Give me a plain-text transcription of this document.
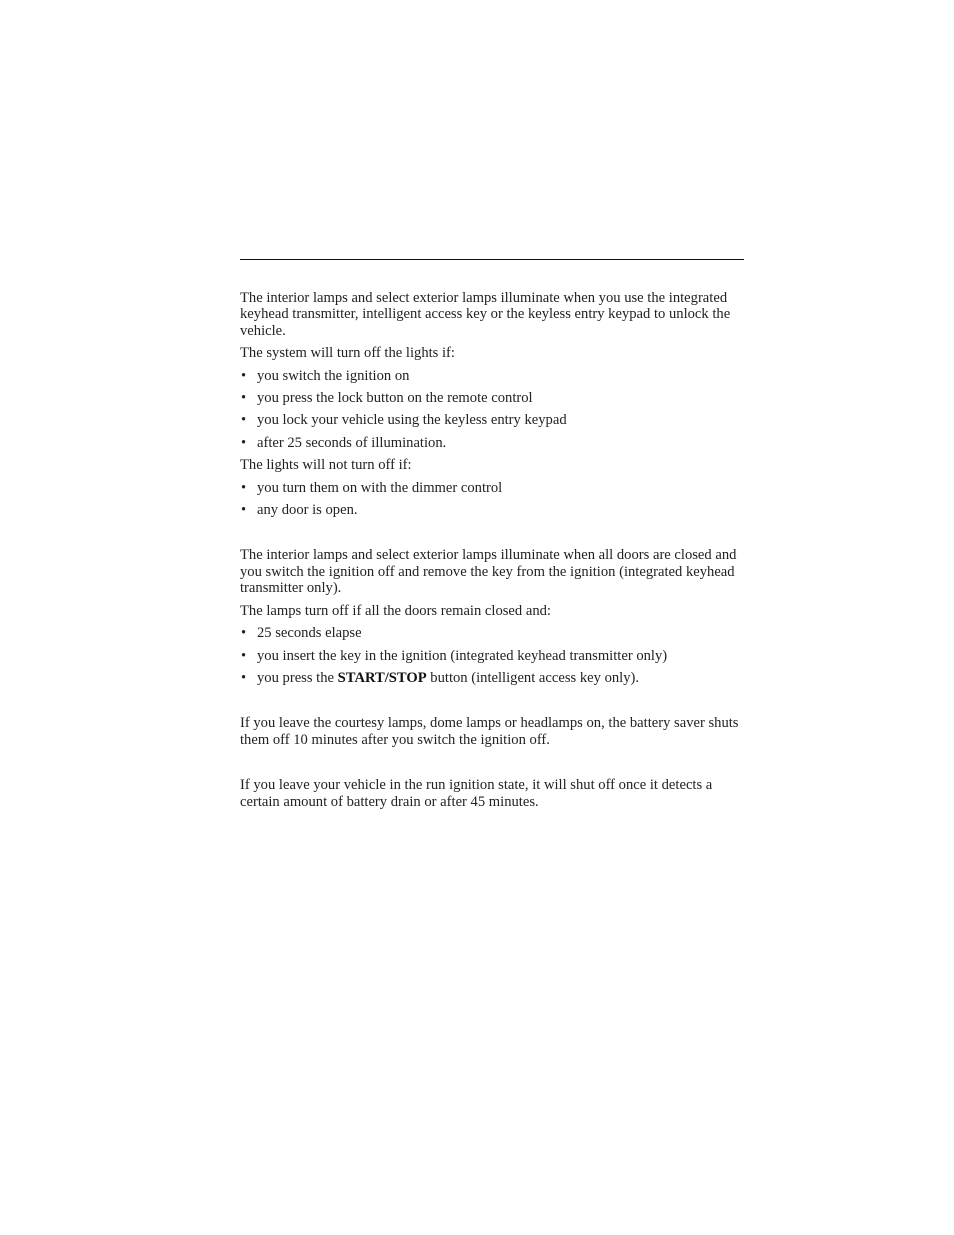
The interior lamps and select exterior lamps illuminate when you use the integrated keyhead transmitter, intelligent access key or the keyless entry keypad to unlock the vehicle.

The system will turn off the lights if:

• you switch the ignition on
• you press the lock button on the remote control
• you lock your vehicle using the keyless entry keypad
• after 25 seconds of illumination.

The lights will not turn off if:

• you turn them on with the dimmer control
• any door is open.

The interior lamps and select exterior lamps illuminate when all doors are closed and you switch the ignition off and remove the key from the ignition (integrated keyhead transmitter only).

The lamps turn off if all the doors remain closed and:

• 25 seconds elapse
• you insert the key in the ignition (integrated keyhead transmitter only)
• you press the START/STOP button (intelligent access key only).

If you leave the courtesy lamps, dome lamps or headlamps on, the battery saver shuts them off 10 minutes after you switch the ignition off.

If you leave your vehicle in the run ignition state, it will shut off once it detects a certain amount of battery drain or after 45 minutes.
